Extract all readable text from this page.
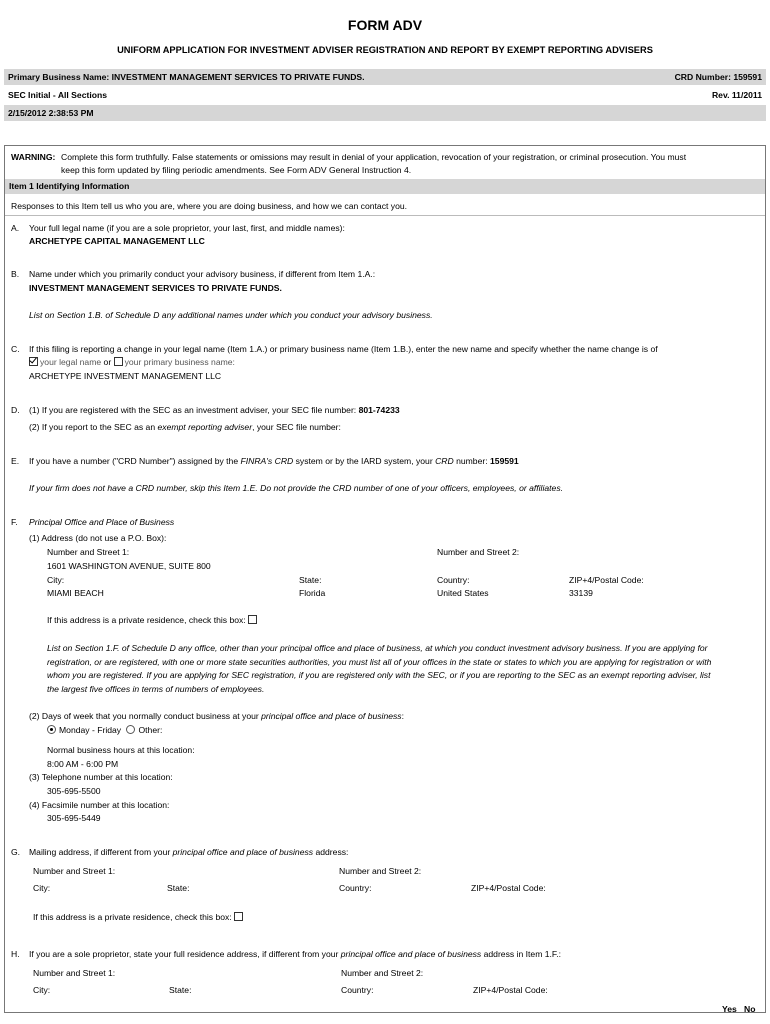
FORM ADV
UNIFORM APPLICATION FOR INVESTMENT ADVISER REGISTRATION AND REPORT BY EXEMPT REPORTING ADVISERS
Primary Business Name: INVESTMENT MANAGEMENT SERVICES TO PRIVATE FUNDS.	CRD Number: 159591
SEC Initial - All Sections	Rev. 11/2011
2/15/2012 2:38:53 PM
WARNING: Complete this form truthfully. False statements or omissions may result in denial of your application, revocation of your registration, or criminal prosecution. You must
keep this form updated by filing periodic amendments. See Form ADV General Instruction 4.
Item 1 Identifying Information
Responses to this Item tell us who you are, where you are doing business, and how we can contact you.
A. Your full legal name (if you are a sole proprietor, your last, first, and middle names):
ARCHETYPE CAPITAL MANAGEMENT LLC
B. Name under which you primarily conduct your advisory business, if different from Item 1.A.:
INVESTMENT MANAGEMENT SERVICES TO PRIVATE FUNDS.
List on Section 1.B. of Schedule D any additional names under which you conduct your advisory business.
C. If this filing is reporting a change in your legal name (Item 1.A.) or primary business name (Item 1.B.), enter the new name and specify whether the name change is of
your legal name or your primary business name:
ARCHETYPE INVESTMENT MANAGEMENT LLC
D. (1) If you are registered with the SEC as an investment adviser, your SEC file number: 801-74233
(2) If you report to the SEC as an exempt reporting adviser, your SEC file number:
E. If you have a number ("CRD Number") assigned by the FINRA's CRD system or by the IARD system, your CRD number: 159591
If your firm does not have a CRD number, skip this Item 1.E. Do not provide the CRD number of one of your officers, employees, or affiliates.
F. Principal Office and Place of Business
(1) Address (do not use a P.O. Box):
Number and Street 1:	Number and Street 2:
1601 WASHINGTON AVENUE, SUITE 800
City:	State:	Country:	ZIP+4/Postal Code:
MIAMI BEACH	Florida	United States	33139
If this address is a private residence, check this box:
List on Section 1.F. of Schedule D any office, other than your principal office and place of business, at which you conduct investment advisory business. If you are applying for
registration, or are registered, with one or more state securities authorities, you must list all of your offices in the state or states to which you are applying for registration or with
whom you are registered. If you are applying for SEC registration, if you are registered only with the SEC, or if you are reporting to the SEC as an exempt reporting adviser, list
the largest five offices in terms of numbers of employees.
(2) Days of week that you normally conduct business at your principal office and place of business:
Monday - Friday Other:
Normal business hours at this location:
8:00 AM - 6:00 PM
(3) Telephone number at this location:
305-695-5500
(4) Facsimile number at this location:
305-695-5449
G. Mailing address, if different from your principal office and place of business address:
Number and Street 1:	Number and Street 2:
City:	State:	Country:	ZIP+4/Postal Code:
If this address is a private residence, check this box:
H. If you are a sole proprietor, state your full residence address, if different from your principal office and place of business address in Item 1.F.:
Number and Street 1:	Number and Street 2:
City:	State:	Country:	ZIP+4/Postal Code:
Yes No
